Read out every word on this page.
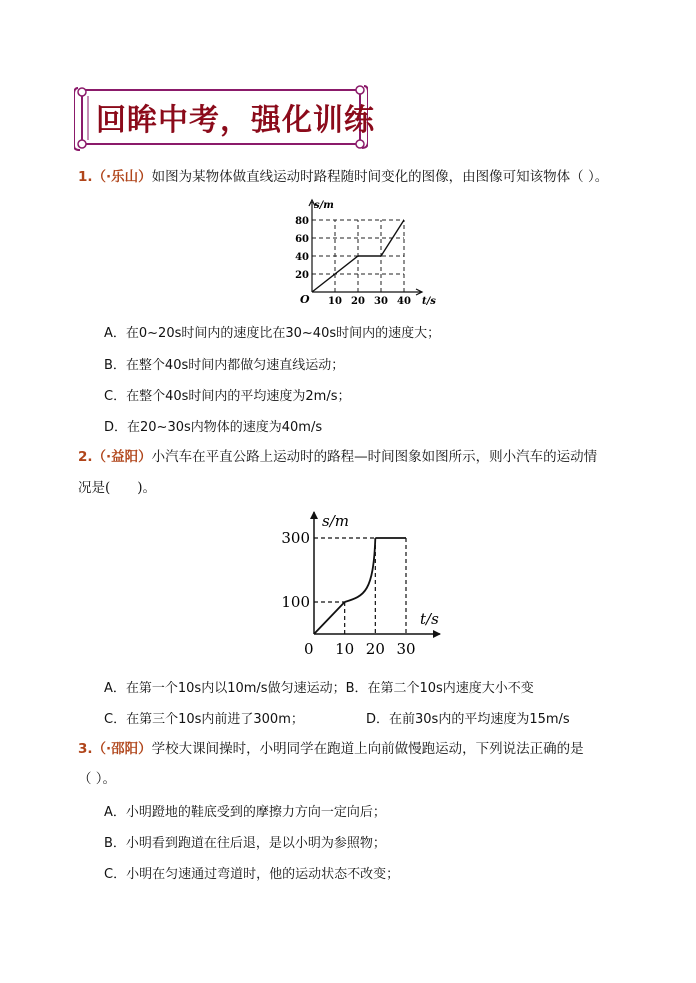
回眸中考，强化训练
1.（·乐山）如图为某物体做直线运动时路程随时间变化的图像，由图像可知该物体（ ）。
s/m
t/s
O
20
40
60
80
10 20 30 40
A．在0~20s时间内的速度比在30~40s时间内的速度大；
B．在整个40s时间内都做匀速直线运动；
C．在整个40s时间内的平均速度为2m/s；
D．在20~30s内物体的速度为40m/s
2.（·益阳）小汽车在平直公路上运动时的路程—时间图象如图所示，则小汽车的运动情
况是(　　)。
s/m
t/s
0
100
300
10 20 30
A．在第一个10s内以10m/s做匀速运动；B．在第二个10s内速度大小不变
C．在第三个10s内前进了300m；	D．在前30s内的平均速度为15m/s
3.（·邵阳）学校大课间操时，小明同学在跑道上向前做慢跑运动，下列说法正确的是
（ ）。
A．小明蹬地的鞋底受到的摩擦力方向一定向后；
B．小明看到跑道在往后退，是以小明为参照物；
C．小明在匀速通过弯道时，他的运动状态不改变；
